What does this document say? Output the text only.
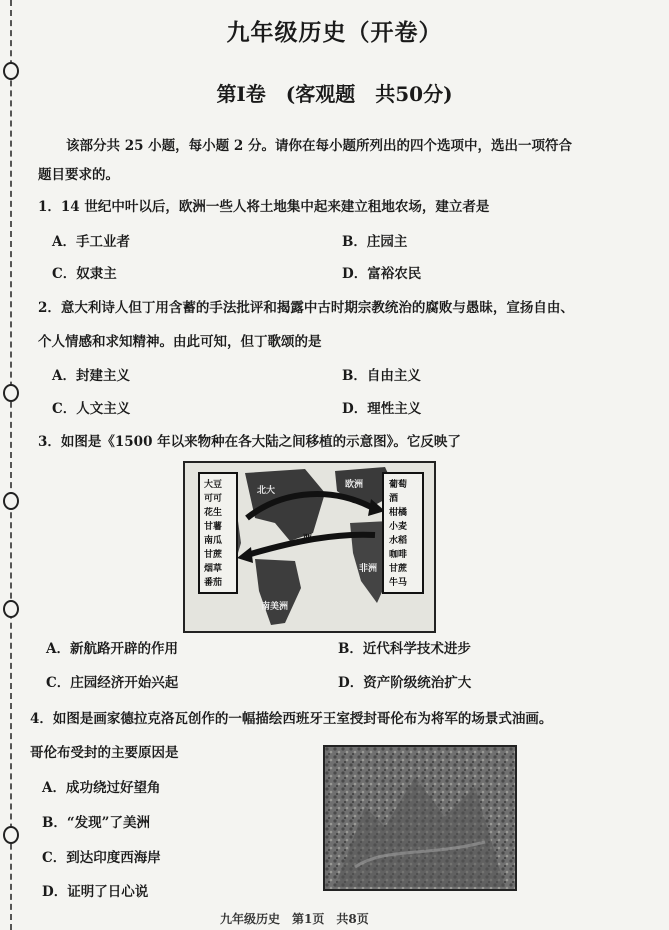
九年级历史（开卷）
第Ⅰ卷　(客观题　共50分)
该部分共 25 小题，每小题 2 分。请你在每小题所列出的四个选项中，选出一项符合
题目要求的。
1．14 世纪中叶以后，欧洲一些人将土地集中起来建立租地农场，建立者是
A．手工业者	B．庄园主
C．奴隶主	D．富裕农民
2．意大利诗人但丁用含蓄的手法批评和揭露中古时期宗教统治的腐败与愚昧，宣扬自由、
个人情感和求知精神。由此可知，但丁歌颂的是
A．封建主义	B．自由主义
C．人文主义	D．理性主义
3．如图是《1500 年以来物种在各大陆之间移植的示意图》。它反映了
大豆
可可
花生
甘薯
南瓜
甘蔗
烟草
番茄
葡萄
酒
柑橘
小麦
水稻
咖啡
甘蔗
牛马
北大
欧洲
西
非洲
南美洲
A．新航路开辟的作用	B．近代科学技术进步
C．庄园经济开始兴起	D．资产阶级统治扩大
4．如图是画家德拉克洛瓦创作的一幅描绘西班牙王室授封哥伦布为将军的场景式油画。
哥伦布受封的主要原因是
A．成功绕过好望角
B．“发现”了美洲
C．到达印度西海岸
D．证明了日心说
九年级历史　第1页　共8页
